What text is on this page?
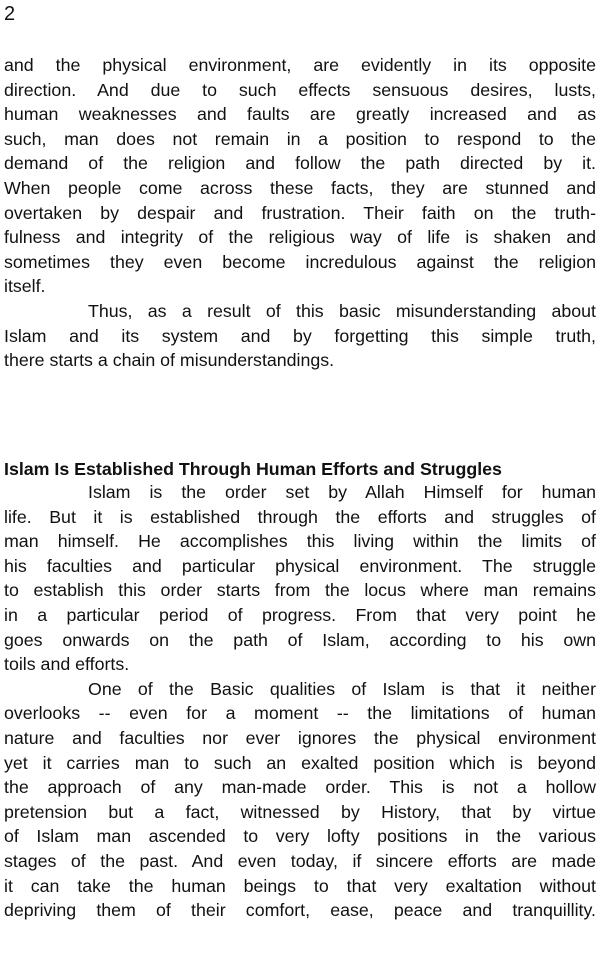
2
and the physical environment, are evidently in its opposite
direction. And due to such effects sensuous desires, lusts,
human weaknesses and faults are greatly increased and as
such, man does not remain in a position to respond to the
demand of the religion and follow the path directed by it.
When people come across these facts, they are stunned and
overtaken by despair and frustration. Their faith on the truth-
fulness and integrity of the religious way of life is shaken and
sometimes they even become incredulous against the religion
itself.
Thus, as a result of this basic misunderstanding about
Islam and its system and by forgetting this simple truth,
there starts a chain of misunderstandings.
Islam Is Established Through Human Efforts and Struggles
Islam is the order set by Allah Himself for human
life. But it is established through the efforts and struggles of
man himself. He accomplishes this living within the limits of
his faculties and particular physical environment. The struggle
to establish this order starts from the locus where man remains
in a particular period of progress. From that very point he
goes onwards on the path of Islam, according to his own
toils and efforts.
One of the Basic qualities of Islam is that it neither
overlooks -- even for a moment -- the limitations of human
nature and faculties nor ever ignores the physical environment
yet it carries man to such an exalted position which is beyond
the approach of any man-made order. This is not a hollow
pretension but a fact, witnessed by History, that by virtue
of Islam man ascended to very lofty positions in the various
stages of the past. And even today, if sincere efforts are made
it can take the human beings to that very exaltation without
depriving them of their comfort, ease, peace and tranquillity.
